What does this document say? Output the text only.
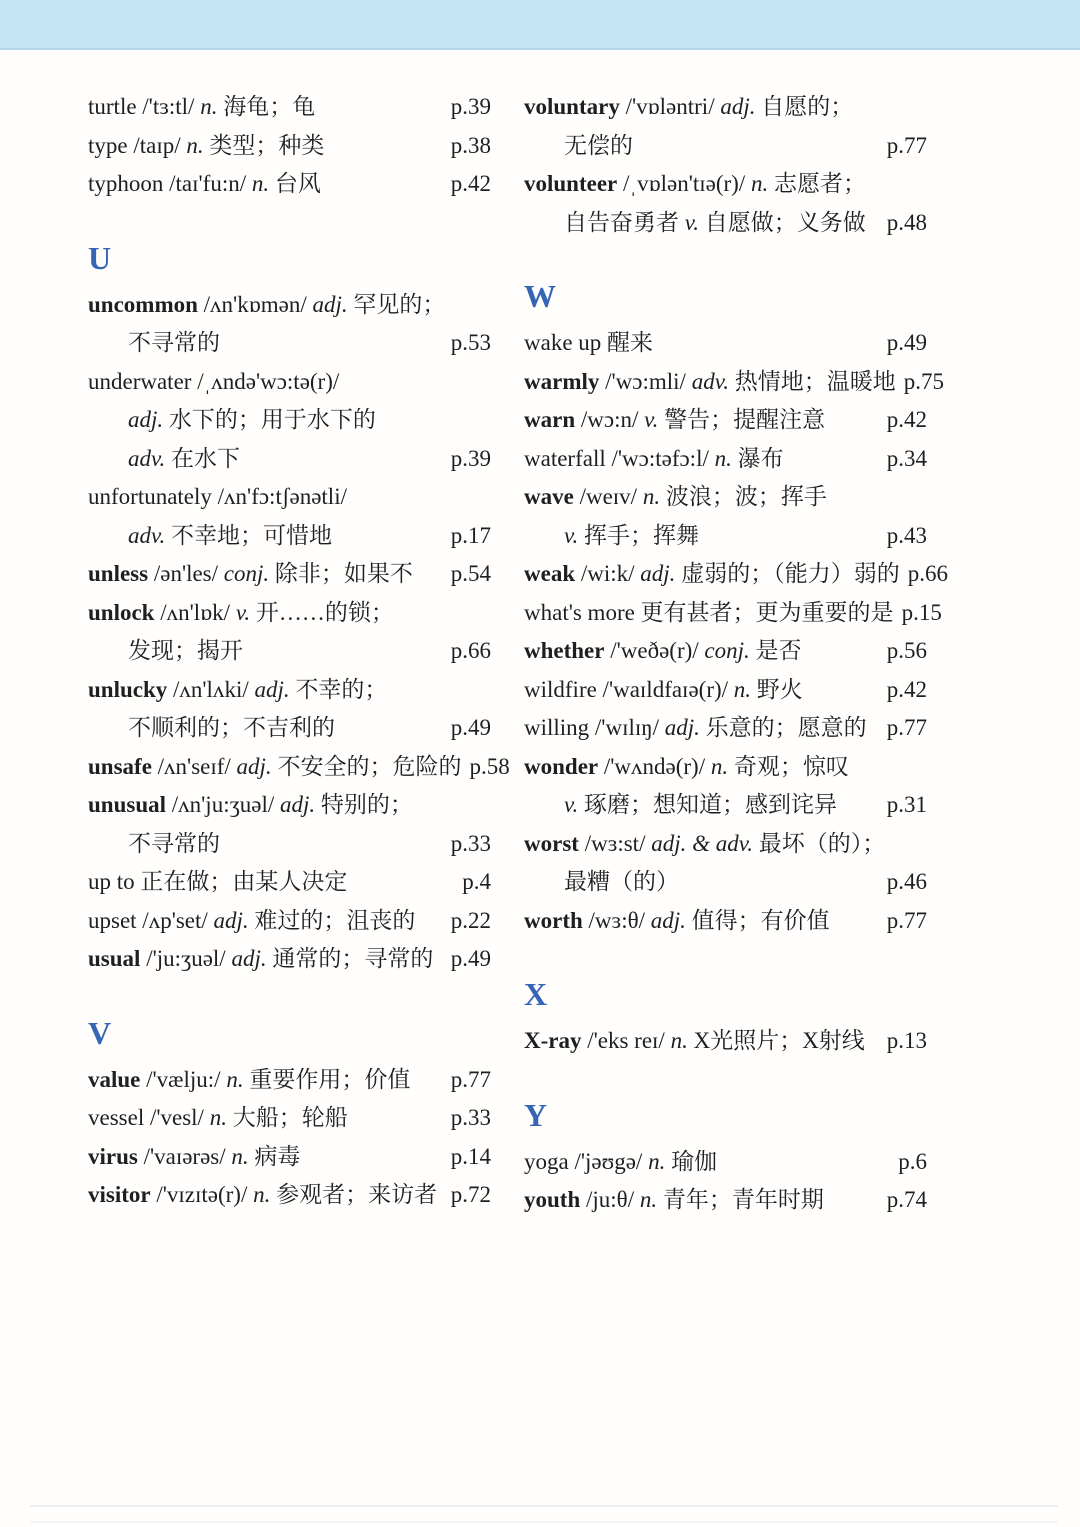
turtle /'tɜ:tl/ n. 海龟；龟	p.39
type /taɪp/ n. 类型；种类	p.38
typhoon /taɪ'fu:n/ n. 台风	p.42
U
uncommon /ʌn'kɒmən/ adj. 罕见的；
不寻常的	p.53
underwater /ˌʌndə'wɔ:tə(r)/
adj. 水下的；用于水下的
adv. 在水下	p.39
unfortunately /ʌn'fɔ:tʃənətli/
adv. 不幸地；可惜地	p.17
unless /ən'les/ conj. 除非；如果不	p.54
unlock /ʌn'lɒk/ v. 开……的锁；
发现；揭开	p.66
unlucky /ʌn'lʌki/ adj. 不幸的；
不顺利的；不吉利的	p.49
unsafe /ʌn'seɪf/ adj. 不安全的；危险的 p.58
unusual /ʌn'ju:ʒuəl/ adj. 特别的；
不寻常的	p.33
up to 正在做；由某人决定	p.4
upset /ʌp'set/ adj. 难过的；沮丧的	p.22
usual /'ju:ʒuəl/ adj. 通常的；寻常的 p.49
V
value /'vælju:/ n. 重要作用；价值	p.77
vessel /'vesl/ n. 大船；轮船	p.33
virus /'vaɪərəs/ n. 病毒	p.14
visitor /'vɪzɪtə(r)/ n. 参观者；来访者 p.72
voluntary /'vɒləntri/ adj. 自愿的；
无偿的	p.77
volunteer /ˌvɒlən'tɪə(r)/ n. 志愿者；
自告奋勇者 v. 自愿做；义务做 p.48
W
wake up 醒来	p.49
warmly /'wɔ:mli/ adv. 热情地；温暖地 p.75
warn /wɔ:n/ v. 警告；提醒注意	p.42
waterfall /'wɔ:təfɔ:l/ n. 瀑布	p.34
wave /weɪv/ n. 波浪；波；挥手
v. 挥手；挥舞	p.43
weak /wi:k/ adj. 虚弱的；（能力）弱的 p.66
what's more 更有甚者；更为重要的是 p.15
whether /'weðə(r)/ conj. 是否	p.56
wildfire /'waɪldfaɪə(r)/ n. 野火	p.42
willing /'wɪlɪŋ/ adj. 乐意的；愿意的 p.77
wonder /'wʌndə(r)/ n. 奇观；惊叹
v. 琢磨；想知道；感到诧异	p.31
worst /wɜ:st/ adj. & adv. 最坏（的）；
最糟（的）	p.46
worth /wɜ:θ/ adj. 值得；有价值	p.77
X
X-ray /'eks reɪ/ n. X光照片；X射线 p.13
Y
yoga /'jəʊgə/ n. 瑜伽	p.6
youth /ju:θ/ n. 青年；青年时期	p.74
